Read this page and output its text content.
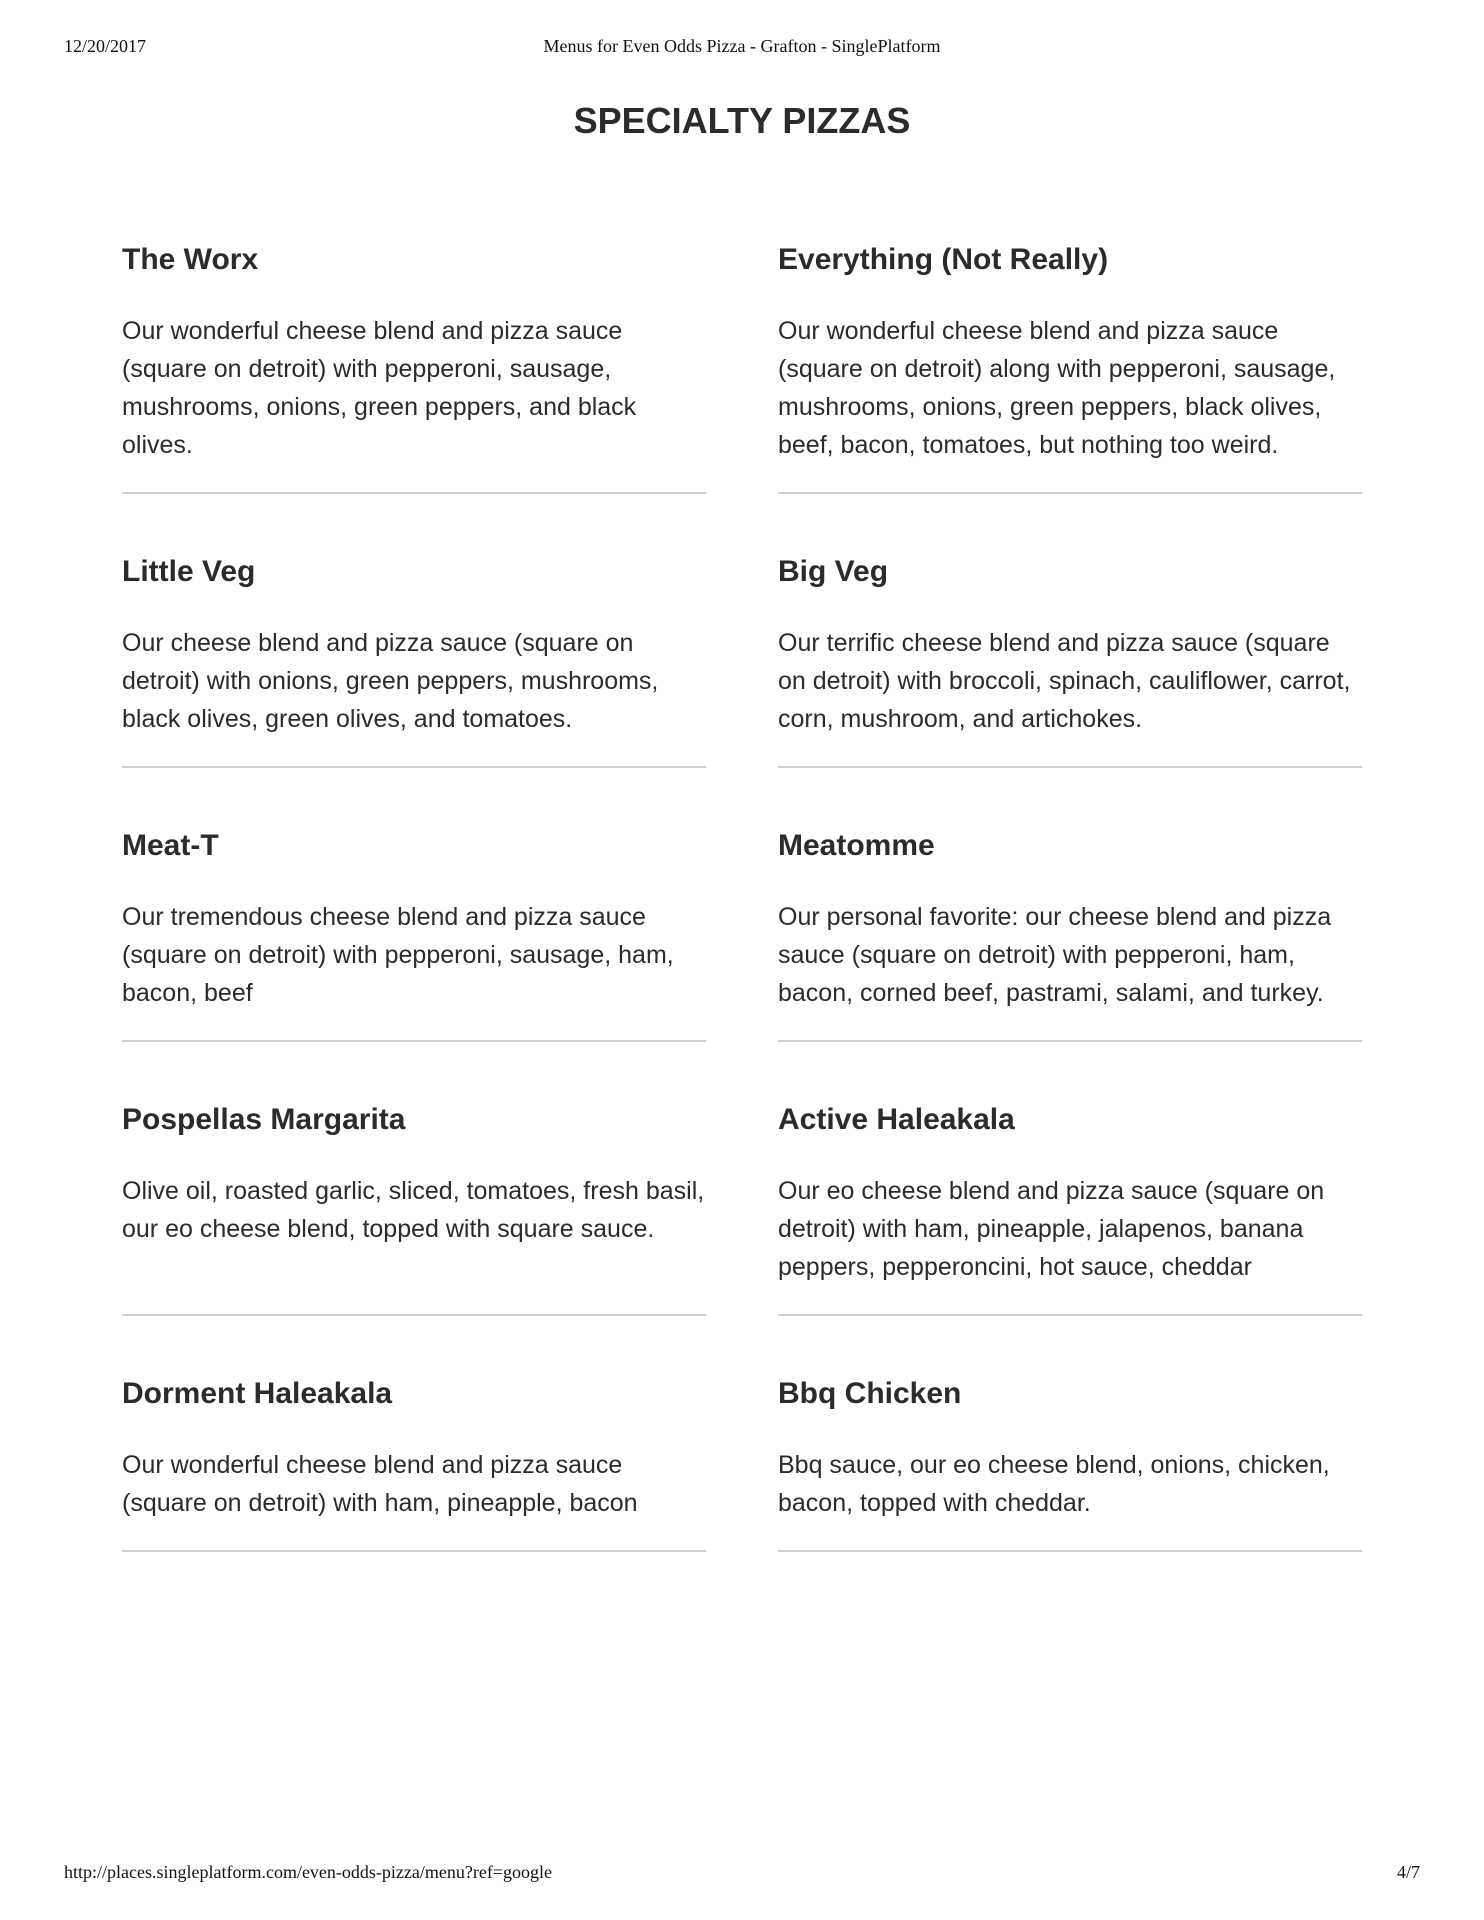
12/20/2017	Menus for Even Odds Pizza - Grafton - SinglePlatform
SPECIALTY PIZZAS
The Worx

Our wonderful cheese blend and pizza sauce (square on detroit) with pepperoni, sausage, mushrooms, onions, green peppers, and black olives.

Everything (Not Really)

Our wonderful cheese blend and pizza sauce (square on detroit) along with pepperoni, sausage, mushrooms, onions, green peppers, black olives, beef, bacon, tomatoes, but nothing too weird.

Little Veg

Our cheese blend and pizza sauce (square on detroit) with onions, green peppers, mushrooms, black olives, green olives, and tomatoes.

Big Veg

Our terrific cheese blend and pizza sauce (square on detroit) with broccoli, spinach, cauliflower, carrot, corn, mushroom, and artichokes.

Meat-T

Our tremendous cheese blend and pizza sauce (square on detroit) with pepperoni, sausage, ham, bacon, beef

Meatomme

Our personal favorite: our cheese blend and pizza sauce (square on detroit) with pepperoni, ham, bacon, corned beef, pastrami, salami, and turkey.

Pospellas Margarita

Olive oil, roasted garlic, sliced, tomatoes, fresh basil, our eo cheese blend, topped with square sauce.

Active Haleakala

Our eo cheese blend and pizza sauce (square on detroit) with ham, pineapple, jalapenos, banana peppers, pepperoncini, hot sauce, cheddar

Dorment Haleakala

Our wonderful cheese blend and pizza sauce (square on detroit) with ham, pineapple, bacon

Bbq Chicken

Bbq sauce, our eo cheese blend, onions, chicken, bacon, topped with cheddar.

http://places.singleplatform.com/even-odds-pizza/menu?ref=google	4/7
